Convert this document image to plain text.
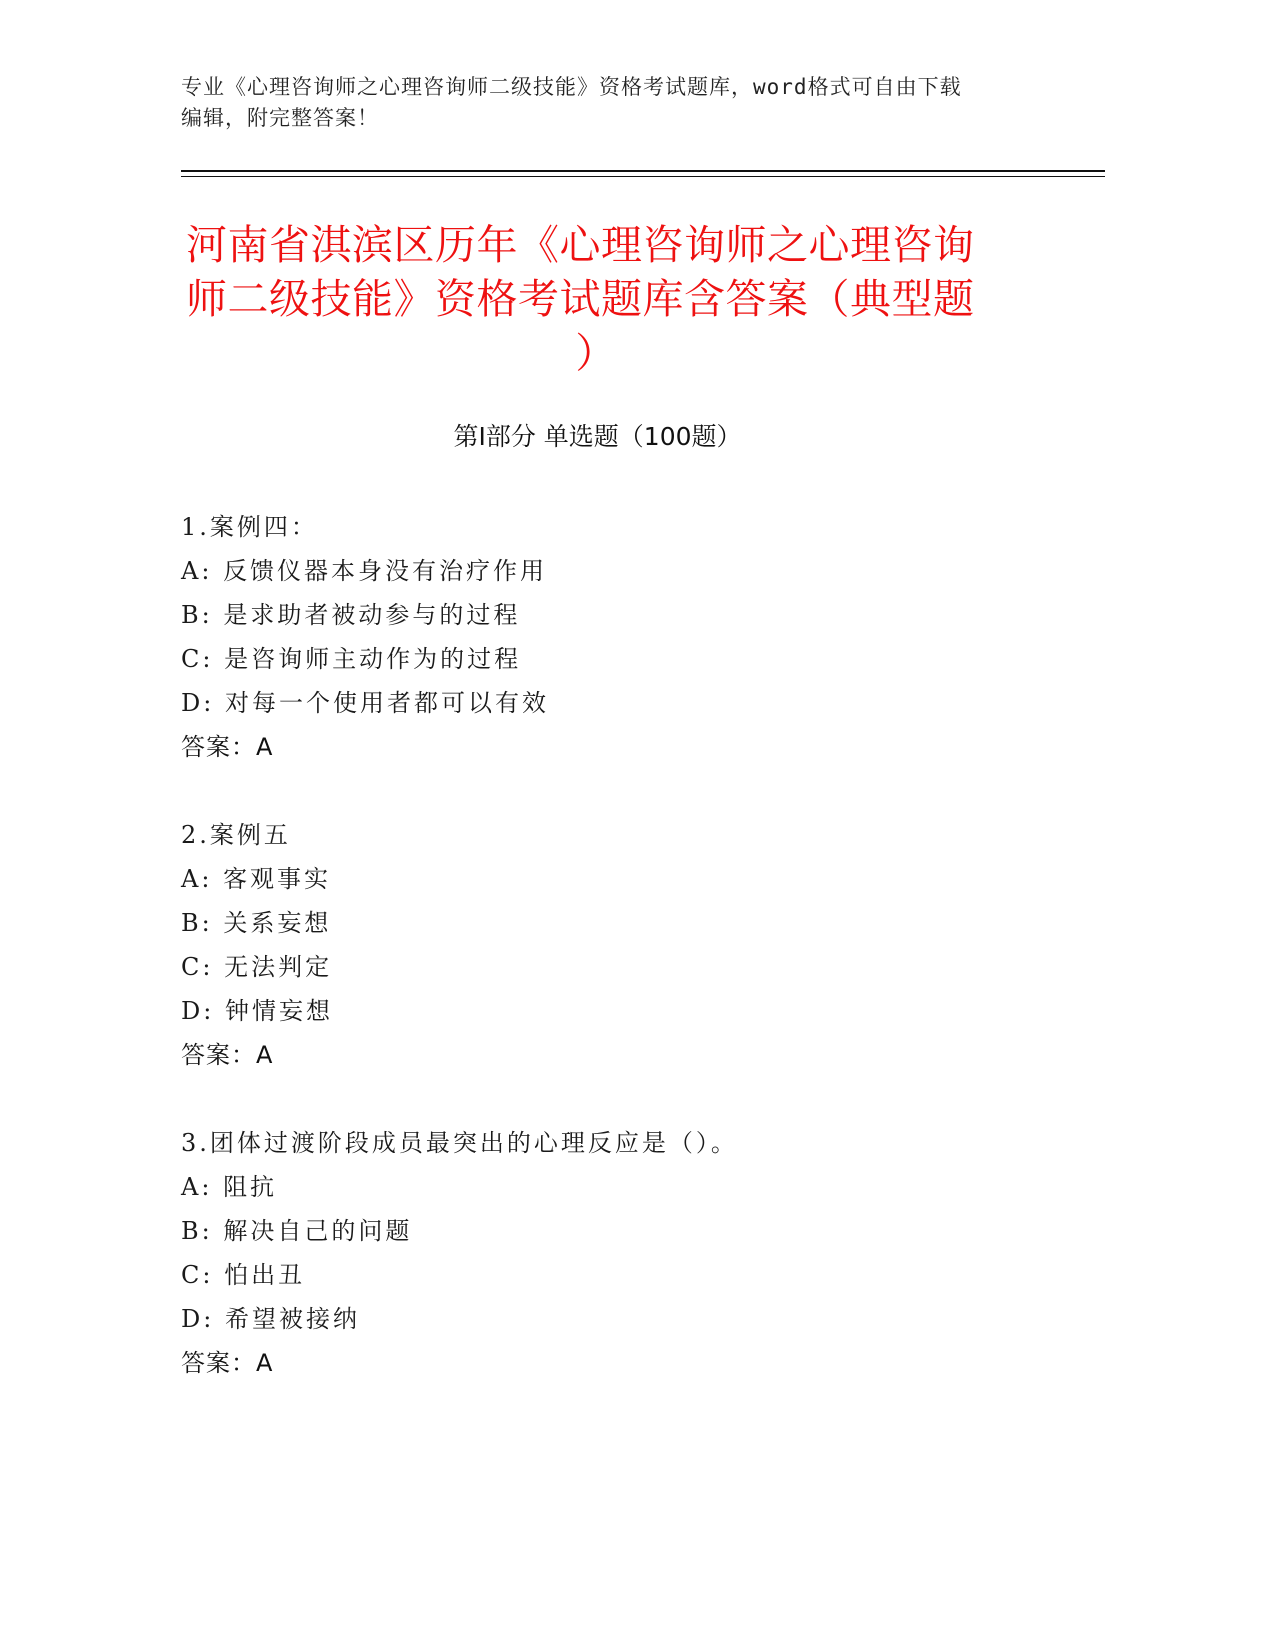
专业《心理咨询师之心理咨询师二级技能》资格考试题库，word格式可自由下载
编辑，附完整答案！
河南省淇滨区历年《心理咨询师之心理咨询
师二级技能》资格考试题库含答案（典型题
）
第Ⅰ部分 单选题（100题）
1.案例四：
A: 反馈仪器本身没有治疗作用
B: 是求助者被动参与的过程
C: 是咨询师主动作为的过程
D: 对每一个使用者都可以有效
答案：A
2.案例五
A: 客观事实
B: 关系妄想
C: 无法判定
D: 钟情妄想
答案：A
3.团体过渡阶段成员最突出的心理反应是（）。
A: 阻抗
B: 解决自己的问题
C: 怕出丑
D: 希望被接纳
答案：A
